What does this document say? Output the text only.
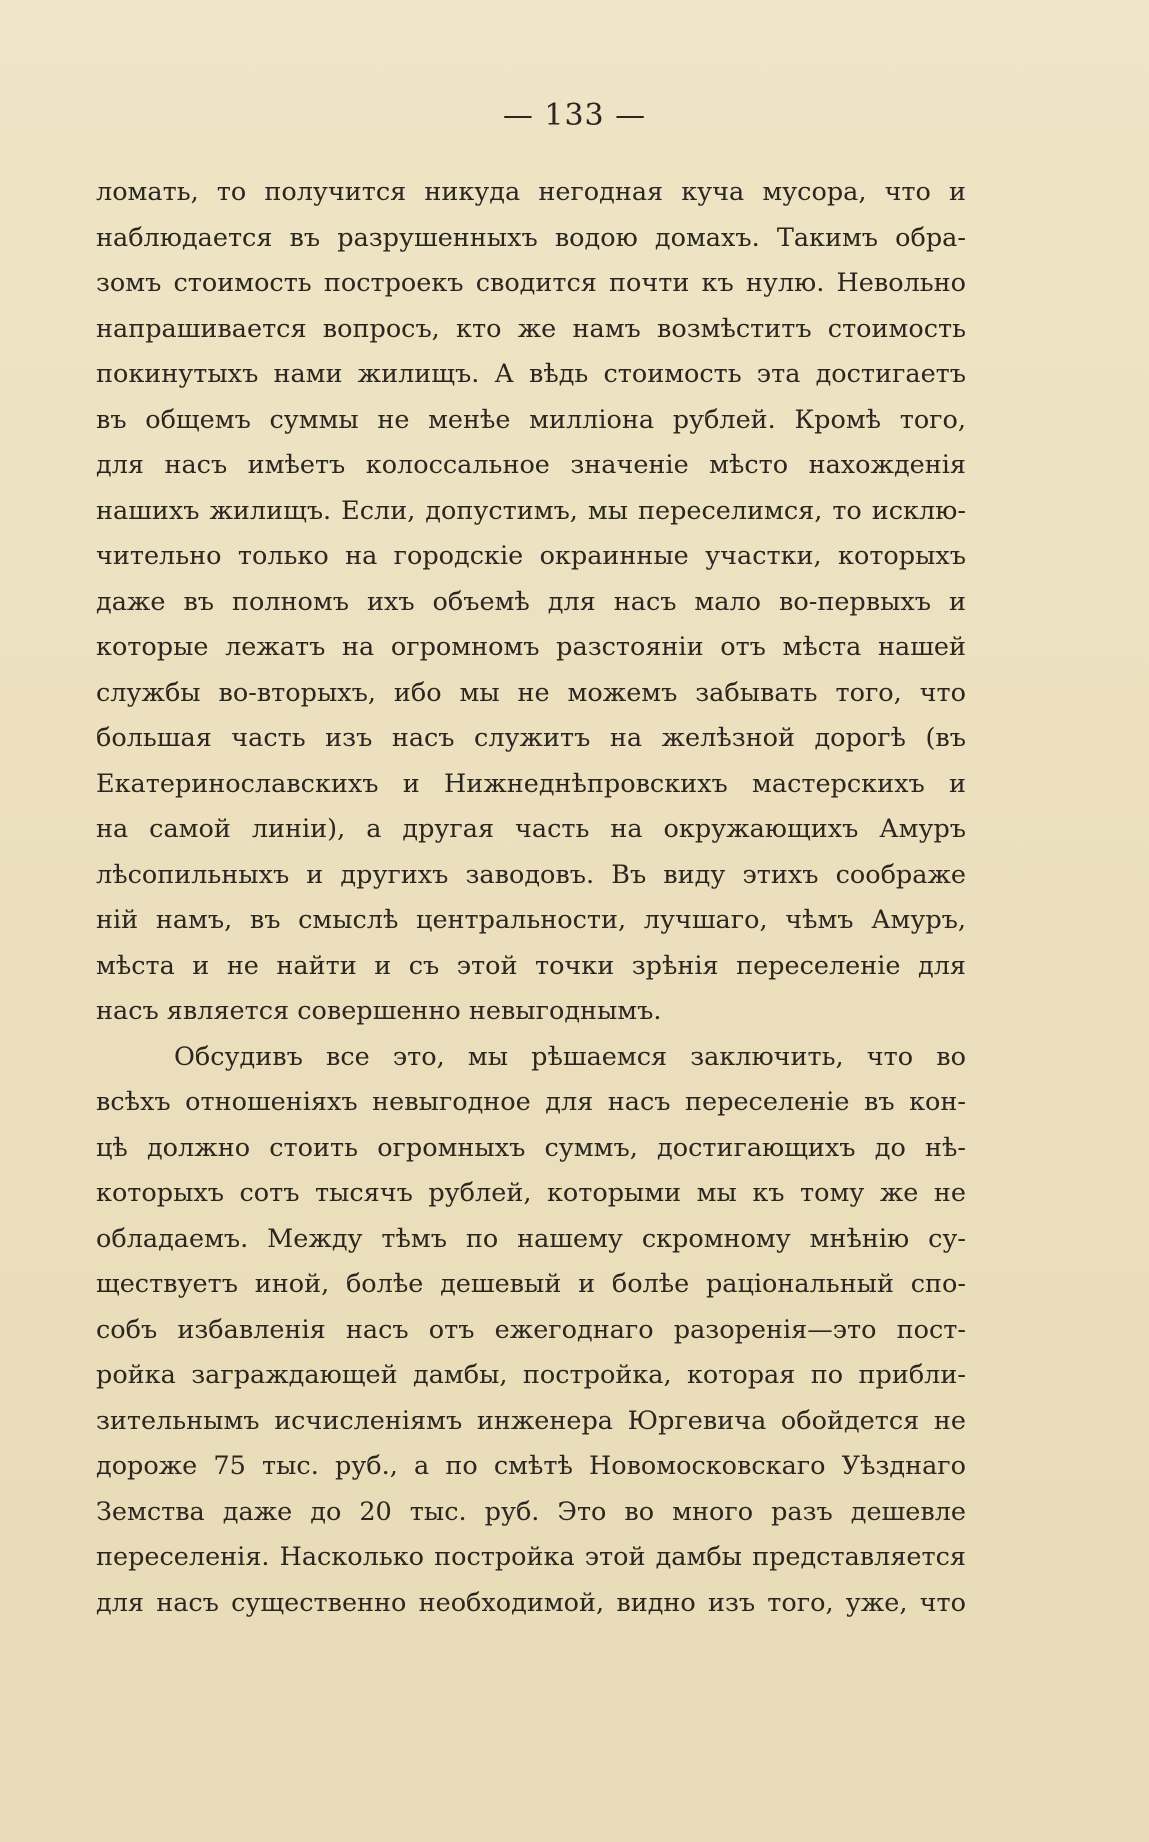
— 133 —
ломать, то получится никуда негодная куча мусора, что и
наблюдается въ разрушенныхъ водою домахъ. Такимъ обра-
зомъ стоимость построекъ сводится почти къ нулю. Невольно
напрашивается вопросъ, кто же намъ возмѣститъ стоимость
покинутыхъ нами жилищъ. А вѣдь стоимость эта достигаетъ
въ общемъ суммы не менѣе милліона рублей. Кромѣ того,
для насъ имѣетъ колоссальное значеніе мѣсто нахожденія
нашихъ жилищъ. Если, допустимъ, мы переселимся, то исклю-
чительно только на городскіе окраинные участки, которыхъ
даже въ полномъ ихъ объемѣ для насъ мало во-первыхъ и
которые лежатъ на огромномъ разстояніи отъ мѣста нашей
службы во-вторыхъ, ибо мы не можемъ забывать того, что
большая часть изъ насъ служитъ на желѣзной дорогѣ (въ
Екатеринославскихъ и Нижнеднѣпровскихъ мастерскихъ и
на самой линіи), а другая часть на окружающихъ Амуръ
лѣсопильныхъ и другихъ заводовъ. Въ виду этихъ соображе
ній намъ, въ смыслѣ центральности, лучшаго, чѣмъ Амуръ,
мѣста и не найти и съ этой точки зрѣнія переселеніе для
насъ является совершенно невыгоднымъ.
Обсудивъ все это, мы рѣшаемся заключить, что во
всѣхъ отношеніяхъ невыгодное для насъ переселеніе въ кон-
цѣ должно стоить огромныхъ суммъ, достигающихъ до нѣ-
которыхъ сотъ тысячъ рублей, которыми мы къ тому же не
обладаемъ. Между тѣмъ по нашему скромному мнѣнію су-
ществуетъ иной, болѣе дешевый и болѣе раціональный спо-
собъ избавленія насъ отъ ежегоднаго разоренія—это пост-
ройка заграждающей дамбы, постройка, которая по прибли-
зительнымъ исчисленіямъ инженера Юргевича обойдется не
дороже 75 тыс. руб., а по смѣтѣ Новомосковскаго Уѣзднаго
Земства даже до 20 тыс. руб. Это во много разъ дешевле
переселенія. Насколько постройка этой дамбы представляется
для насъ существенно необходимой, видно изъ того, уже, что
